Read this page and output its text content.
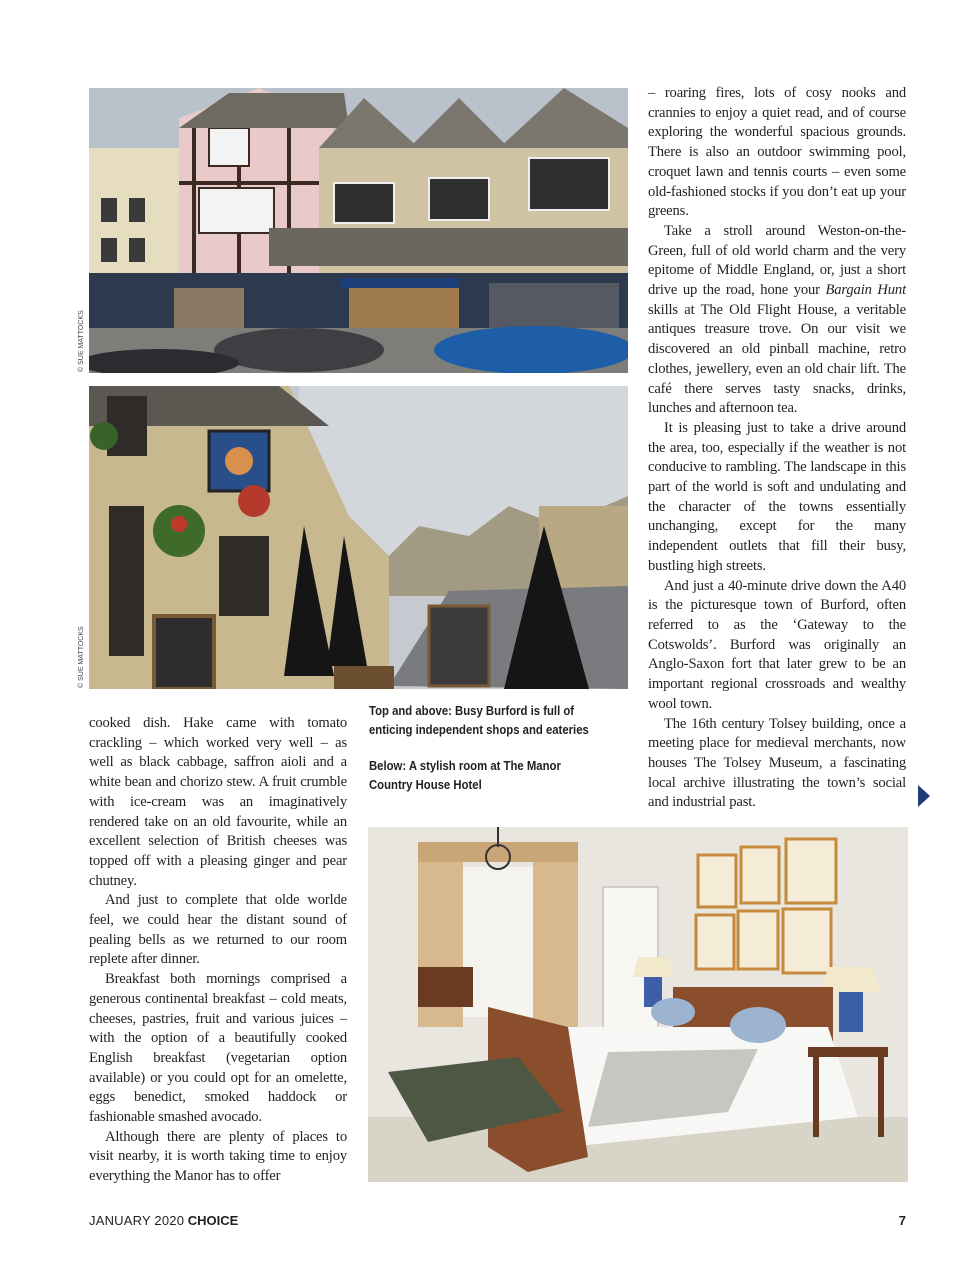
© SUE MATTOCKS
© SUE MATTOCKS

cooked dish. Hake came with tomato crackling – which worked very well – as well as black cabbage, saffron aioli and a white bean and chorizo stew. A fruit crumble with ice-cream was an imaginatively rendered take on an old favourite, while an excellent selection of British cheeses was topped off with a pleasing ginger and pear chutney.

And just to complete that olde worlde feel, we could hear the distant sound of pealing bells as we returned to our room replete after dinner.

Breakfast both mornings comprised a generous continental breakfast – cold meats, cheeses, pastries, fruit and various juices – with the option of a beautifully cooked English breakfast (vegetarian option available) or you could opt for an omelette, eggs benedict, smoked haddock or fashionable smashed avocado.

Although there are plenty of places to visit nearby, it is worth taking time to enjoy everything the Manor has to offer

Top and above: Busy Burford is full of enticing independent shops and eateries

Below: A stylish room at The Manor Country House Hotel

– roaring fires, lots of cosy nooks and crannies to enjoy a quiet read, and of course exploring the wonderful spacious grounds. There is also an outdoor swimming pool, croquet lawn and tennis courts – even some old-fashioned stocks if you don’t eat up your greens.

Take a stroll around Weston-on-the-Green, full of old world charm and the very epitome of Middle England, or, just a short drive up the road, hone your Bargain Hunt skills at The Old Flight House, a veritable antiques treasure trove. On our visit we discovered an old pinball machine, retro clothes, jewellery, even an old chair lift. The café there serves tasty snacks, drinks, lunches and afternoon tea.

It is pleasing just to take a drive around the area, too, especially if the weather is not conducive to rambling. The landscape in this part of the world is soft and undulating and the character of the towns essentially unchanging, except for the many independent outlets that fill their busy, bustling high streets.

And just a 40-minute drive down the A40 is the picturesque town of Burford, often referred to as the ‘Gateway to the Cotswolds’. Burford was originally an Anglo-Saxon fort that later grew to be an important regional crossroads and wealthy wool town.

The 16th century Tolsey building, once a meeting place for medieval merchants, now houses The Tolsey Museum, a fascinating local archive illustrating the town’s social and industrial past.

JANUARY 2020 CHOICE	7
